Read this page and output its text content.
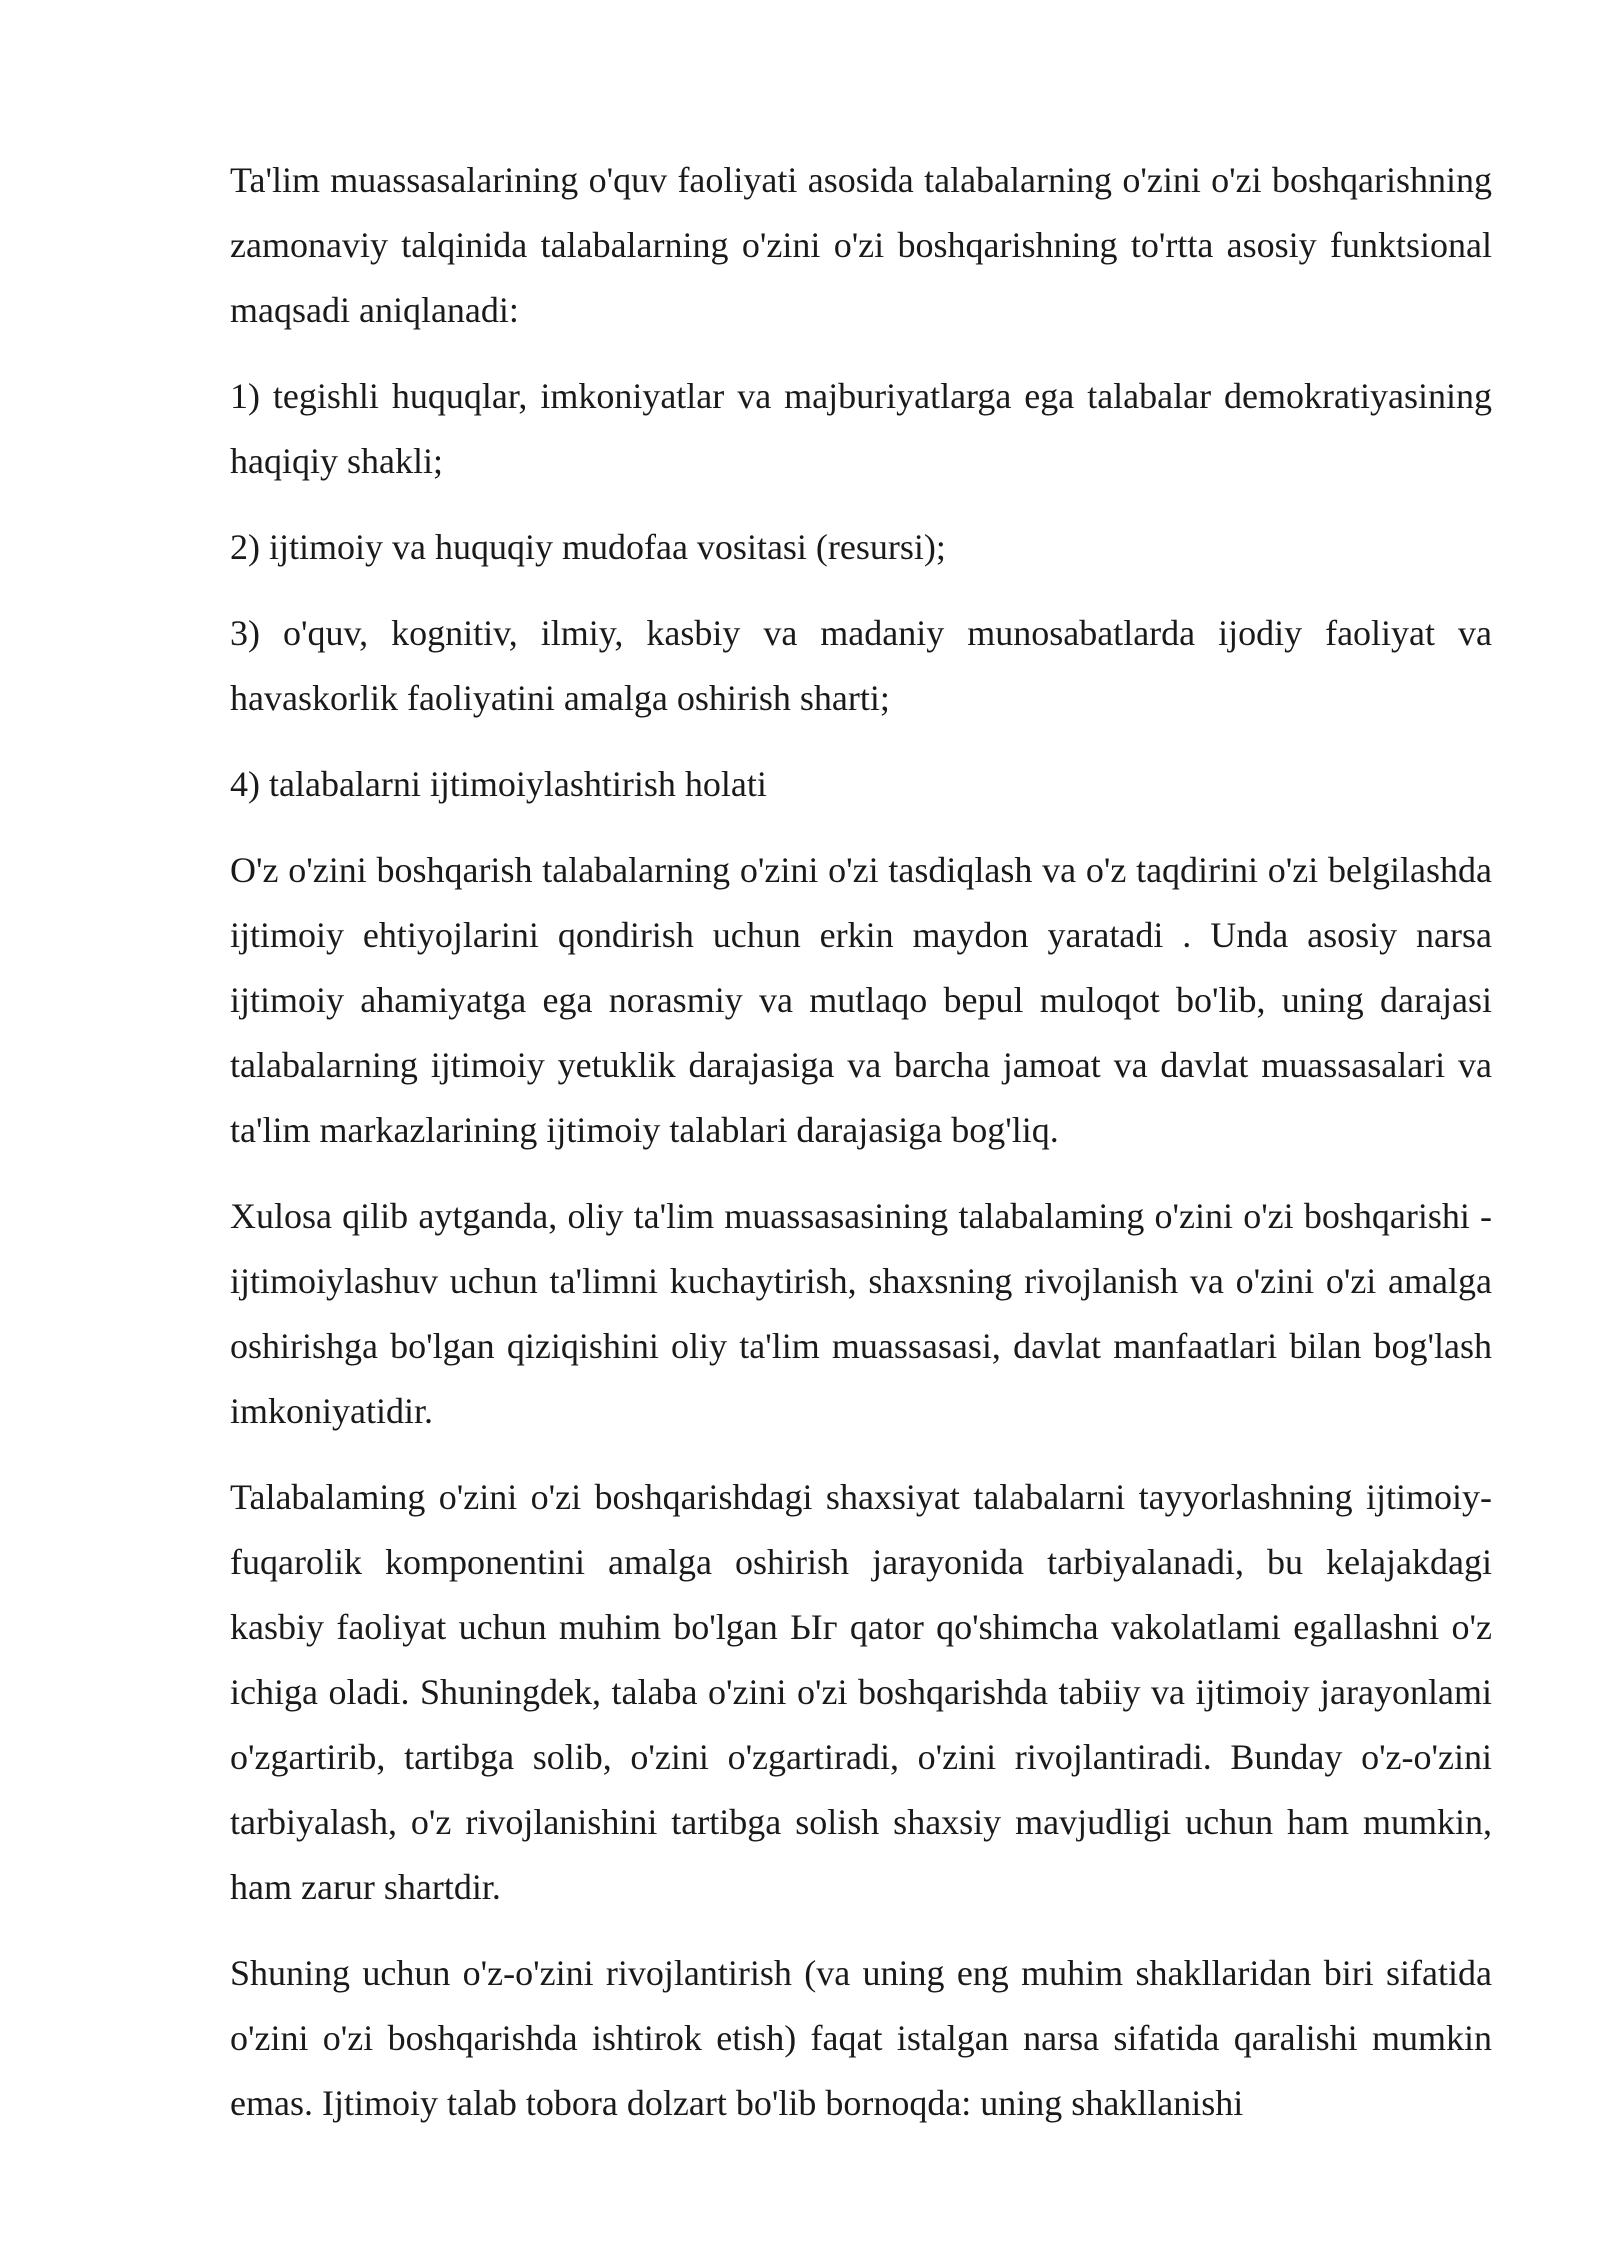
Ta'lim muassasalarining o'quv faoliyati asosida talabalarning o'zini o'zi boshqarishning zamonaviy talqinida talabalarning o'zini o'zi boshqarishning to'rtta asosiy funktsional maqsadi aniqlanadi:

1) tegishli huquqlar, imkoniyatlar va majburiyatlarga ega talabalar demokratiyasining haqiqiy shakli;

2) ijtimoiy va huquqiy mudofaa vositasi (resursi);

3) o'quv, kognitiv, ilmiy, kasbiy va madaniy munosabatlarda ijodiy faoliyat va havaskorlik faoliyatini amalga oshirish sharti;

4) talabalarni ijtimoiylashtirish holati

O'z o'zini boshqarish talabalarning o'zini o'zi tasdiqlash va o'z taqdirini o'zi belgilashda ijtimoiy ehtiyojlarini qondirish uchun erkin maydon yaratadi . Unda asosiy narsa ijtimoiy ahamiyatga ega norasmiy va mutlaqo bepul muloqot bo'lib, uning darajasi talabalarning ijtimoiy yetuklik darajasiga va barcha jamoat va davlat muassasalari va ta'lim markazlarining ijtimoiy talablari darajasiga bog'liq.

Xulosa qilib aytganda, oliy ta'lim muassasasining talabalaming o'zini o'zi boshqarishi - ijtimoiylashuv uchun ta'limni kuchaytirish, shaxsning rivojlanish va o'zini o'zi amalga oshirishga bo'lgan qiziqishini oliy ta'lim muassasasi, davlat manfaatlari bilan bog'lash imkoniyatidir.

Talabalaming o'zini o'zi boshqarishdagi shaxsiyat talabalarni tayyorlashning ijtimoiy-fuqarolik komponentini amalga oshirish jarayonida tarbiyalanadi, bu kelajakdagi kasbiy faoliyat uchun muhim bo'lgan ЬΙг qator qo'shimcha vakolatlami egallashni o'z ichiga oladi. Shuningdek, talaba o'zini o'zi boshqarishda tabiiy va ijtimoiy jarayonlami o'zgartirib, tartibga solib, o'zini o'zgartiradi, o'zini rivojlantiradi. Bunday o'z-o'zini tarbiyalash, o'z rivojlanishini tartibga solish shaxsiy mavjudligi uchun ham mumkin, ham zarur shartdir.

Shuning uchun o'z-o'zini rivojlantirish (va uning eng muhim shakllaridan biri sifatida o'zini o'zi boshqarishda ishtirok etish) faqat istalgan narsa sifatida qaralishi mumkin emas. Ijtimoiy talab tobora dolzart bo'lib bornoqda: uning shakllanishi
